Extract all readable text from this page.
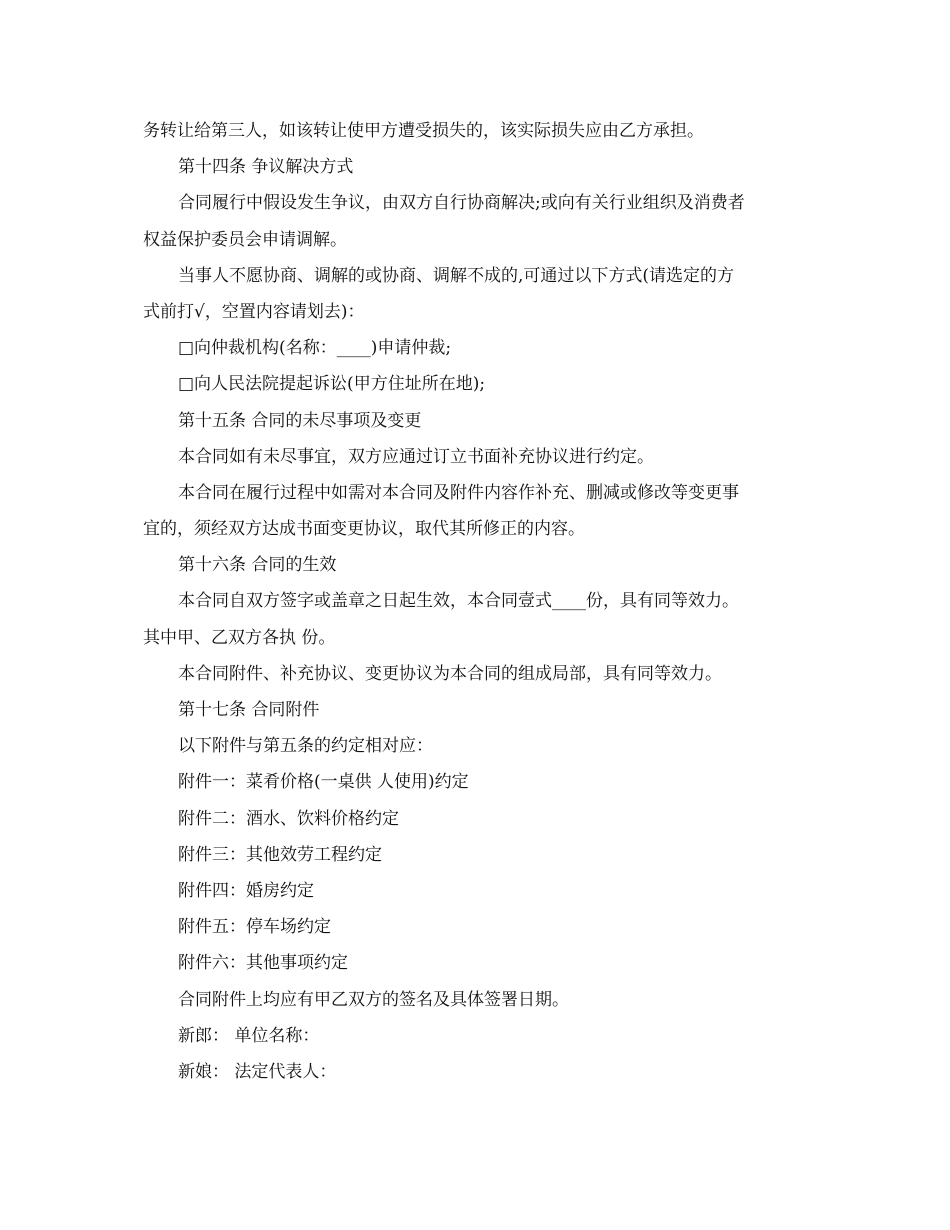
务转让给第三人，如该转让使甲方遭受损失的，该实际损失应由乙方承担。
第十四条 争议解决方式
合同履行中假设发生争议，由双方自行协商解决;或向有关行业组织及消费者
权益保护委员会申请调解。
当事人不愿协商、调解的或协商、调解不成的,可通过以下方式(请选定的方
式前打√，空置内容请划去)：
□向仲裁机构(名称：____)申请仲裁;
□向人民法院提起诉讼(甲方住址所在地);
第十五条 合同的未尽事项及变更
本合同如有未尽事宜，双方应通过订立书面补充协议进行约定。
本合同在履行过程中如需对本合同及附件内容作补充、删减或修改等变更事
宜的，须经双方达成书面变更协议，取代其所修正的内容。
第十六条 合同的生效
本合同自双方签字或盖章之日起生效，本合同壹式____份，具有同等效力。
其中甲、乙双方各执 份。
本合同附件、补充协议、变更协议为本合同的组成局部，具有同等效力。
第十七条 合同附件
以下附件与第五条的约定相对应：
附件一：菜肴价格(一桌供 人使用)约定
附件二：酒水、饮料价格约定
附件三：其他效劳工程约定
附件四：婚房约定
附件五：停车场约定
附件六：其他事项约定
合同附件上均应有甲乙双方的签名及具体签署日期。
新郎： 单位名称：
新娘： 法定代表人：
